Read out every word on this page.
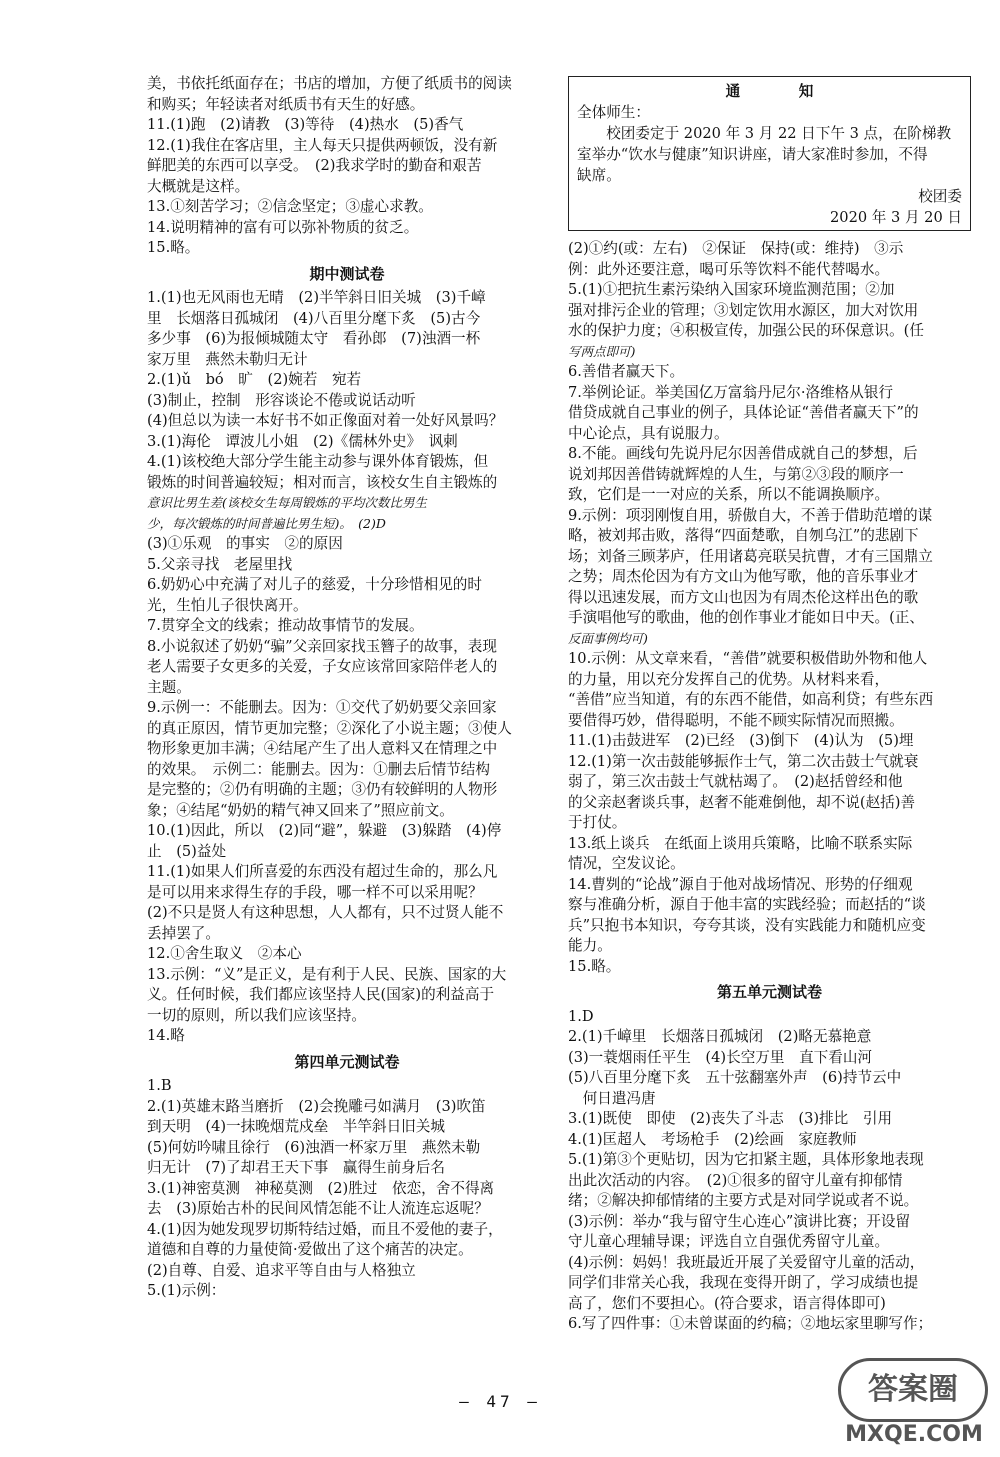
美，书依托纸面存在；书店的增加，方便了纸质书的阅读
和购买；年轻读者对纸质书有天生的好感。
11.(1)跑　(2)请教　(3)等待　(4)热水　(5)香气
12.(1)我住在客店里，主人每天只提供两顿饭，没有新
鲜肥美的东西可以享受。　(2)我求学时的勤奋和艰苦
大概就是这样。
13.①刻苦学习；②信念坚定；③虚心求教。
14.说明精神的富有可以弥补物质的贫乏。
15.略。
期中测试卷
1.(1)也无风雨也无晴　(2)半竿斜日旧关城　(3)千嶂
里　长烟落日孤城闭　(4)八百里分麾下炙　(5)古今
多少事　(6)为报倾城随太守　看孙郎　(7)浊酒一杯
家万里　燕然未勒归无计
2.(1)ǔ　bó　旷　(2)婉若　宛若
(3)制止，控制　形容谈论不倦或说话动听
(4)但总以为读一本好书不如正像面对着一处好风景吗？
3.(1)海伦　谭波儿小姐　(2)《儒林外史》　讽刺
4.(1)该校绝大部分学生能主动参与课外体育锻炼，但
锻炼的时间普遍较短；相对而言，该校女生自主锻炼的
意识比男生差(该校女生每周锻炼的平均次数比男生
少，每次锻炼的时间普遍比男生短)。　(2)D
(3)①乐观　的事实　②的原因
5.父亲寻找　老屋里找
6.奶奶心中充满了对儿子的慈爱，十分珍惜相见的时
光，生怕儿子很快离开。
7.贯穿全文的线索；推动故事情节的发展。
8.小说叙述了奶奶“骗”父亲回家找玉簪子的故事，表现
老人需要子女更多的关爱，子女应该常回家陪伴老人的
主题。
9.示例一：不能删去。因为：①交代了奶奶要父亲回家
的真正原因，情节更加完整；②深化了小说主题；③使人
物形象更加丰满；④结尾产生了出人意料又在情理之中
的效果。　示例二：能删去。因为：①删去后情节结构
是完整的；②仍有明确的主题；③仍有较鲜明的人物形
象；④结尾“奶奶的精气神又回来了”照应前文。
10.(1)因此，所以　(2)同“避”，躲避　(3)躲踏　(4)停
止　(5)益处
11.(1)如果人们所喜爱的东西没有超过生命的，那么凡
是可以用来求得生存的手段，哪一样不可以采用呢？
(2)不只是贤人有这种思想，人人都有，只不过贤人能不
丢掉罢了。
12.①舍生取义　②本心
13.示例：“义”是正义，是有利于人民、民族、国家的大
义。任何时候，我们都应该坚持人民(国家)的利益高于
一切的原则，所以我们应该坚持。
14.略
第四单元测试卷
1.B
2.(1)英雄末路当磨折　(2)会挽雕弓如满月　(3)吹笛
到天明　(4)一抹晚烟荒戍垒　半竿斜日旧关城
(5)何妨吟啸且徐行　(6)浊酒一杯家万里　燕然未勒
归无计　(7)了却君王天下事　赢得生前身后名
3.(1)神密莫测　神秘莫测　(2)胜过　依恋，舍不得离
去　(3)原始古朴的民间风情怎能不让人流连忘返呢？
4.(1)因为她发现罗切斯特结过婚，而且不爱他的妻子，
道德和自尊的力量使简·爱做出了这个痛苦的决定。
(2)自尊、自爱、追求平等自由与人格独立
5.(1)示例：
通　知
全体师生：
　　校团委定于 2020 年 3 月 22 日下午 3 点，在阶梯教
室举办“饮水与健康”知识讲座，请大家准时参加，不得
缺席。
校团委
2020 年 3 月 20 日
(2)①约(或：左右)　②保证　保持(或：维持)　③示
例：此外还要注意，喝可乐等饮料不能代替喝水。
5.(1)①把抗生素污染纳入国家环境监测范围；②加
强对排污企业的管理；③划定饮用水源区，加大对饮用
水的保护力度；④积极宣传，加强公民的环保意识。(任
写两点即可)
6.善借者赢天下。
7.举例论证。举美国亿万富翁丹尼尔·洛维格从银行
借贷成就自己事业的例子，具体论证“善借者赢天下”的
中心论点，具有说服力。
8.不能。画线句先说丹尼尔因善借成就自己的梦想，后
说刘邦因善借铸就辉煌的人生，与第②③段的顺序一
致，它们是一一对应的关系，所以不能调换顺序。
9.示例：项羽刚愎自用，骄傲自大，不善于借助范增的谋
略，被刘邦击败，落得“四面楚歌，自刎乌江”的悲剧下
场；刘备三顾茅庐，任用诸葛亮联吴抗曹，才有三国鼎立
之势；周杰伦因为有方文山为他写歌，他的音乐事业才
得以迅速发展，而方文山也因为有周杰伦这样出色的歌
手演唱他写的歌曲，他的创作事业才能如日中天。(正、
反面事例均可)
10.示例：从文章来看，“善借”就要积极借助外物和他人
的力量，用以充分发挥自己的优势。从材料来看，
“善借”应当知道，有的东西不能借，如高利贷；有些东西
要借得巧妙，借得聪明，不能不顾实际情况而照搬。
11.(1)击鼓进军　(2)已经　(3)倒下　(4)认为　(5)埋
12.(1)第一次击鼓能够振作士气，第二次击鼓士气就衰
弱了，第三次击鼓士气就枯竭了。　(2)赵括曾经和他
的父亲赵奢谈兵事，赵奢不能难倒他，却不说(赵括)善
于打仗。
13.纸上谈兵　在纸面上谈用兵策略，比喻不联系实际
情况，空发议论。
14.曹刿的“论战”源自于他对战场情况、形势的仔细观
察与准确分析，源自于他丰富的实践经验；而赵括的“谈
兵”只抱书本知识，夸夸其谈，没有实践能力和随机应变
能力。
15.略。
第五单元测试卷
1.D
2.(1)千嶂里　长烟落日孤城闭　(2)略无慕艳意
(3)一蓑烟雨任平生　(4)长空万里　直下看山河
(5)八百里分麾下炙　五十弦翻塞外声　(6)持节云中
　何日遣冯唐
3.(1)既使　即使　(2)丧失了斗志　(3)排比　引用
4.(1)匡超人　考场枪手　(2)绘画　家庭教师
5.(1)第③个更贴切，因为它扣紧主题，具体形象地表现
出此次活动的内容。　(2)①很多的留守儿童有抑郁情
绪；②解决抑郁情绪的主要方式是对同学说或者不说。
(3)示例：举办“我与留守生心连心”演讲比赛；开设留
守儿童心理辅导课；评选自立自强优秀留守儿童。
(4)示例：妈妈！我班最近开展了关爱留守儿童的活动，
同学们非常关心我，我现在变得开朗了，学习成绩也提
高了，您们不要担心。(符合要求，语言得体即可)
6.写了四件事：①未曾谋面的约稿；②地坛家里聊写作；
— 47 —	答案圈
MXQE.COM
